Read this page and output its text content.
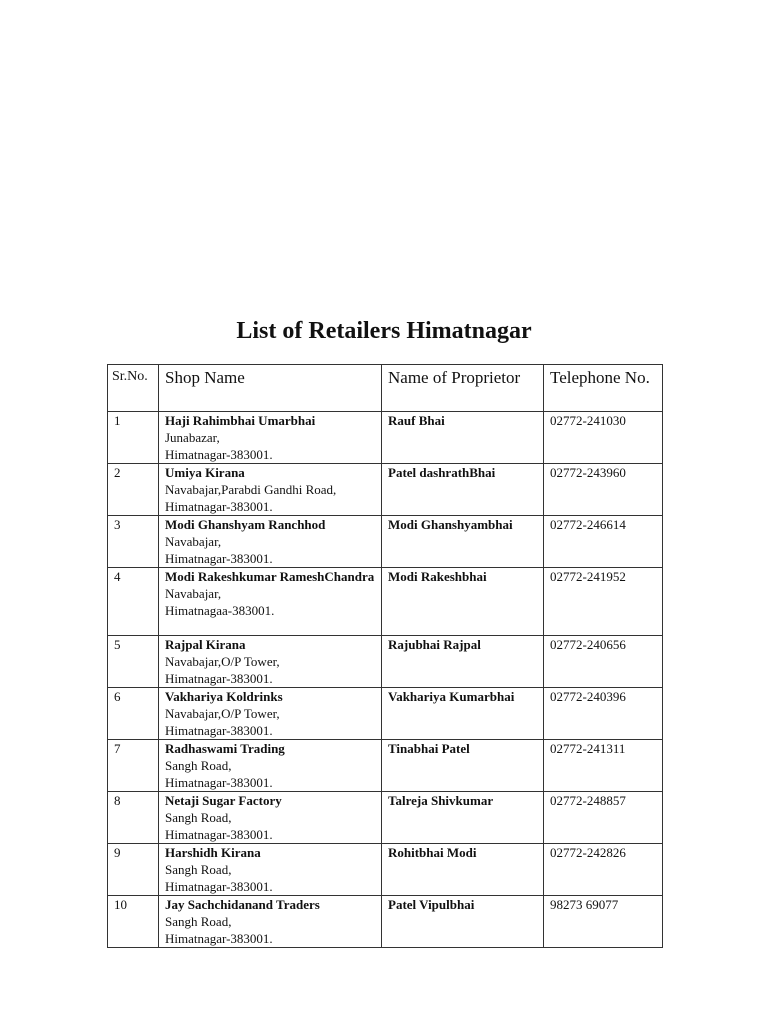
List of Retailers Himatnagar
Sr.No.	Shop Name	Name of Proprietor	Telephone No.
1	Haji Rahimbhai Umarbhai
Junabazar,
Himatnagar-383001.	Rauf Bhai	02772-241030
2	Umiya Kirana
Navabajar,Parabdi Gandhi Road,
Himatnagar-383001.	Patel dashrathBhai	02772-243960
3	Modi Ghanshyam Ranchhod
Navabajar,
Himatnagar-383001.	Modi Ghanshyambhai	02772-246614
4	Modi Rakeshkumar RameshChandra
Navabajar,
Himatnagaa-383001.	Modi Rakeshbhai	02772-241952
5	Rajpal Kirana
Navabajar,O/P Tower,
Himatnagar-383001.	Rajubhai Rajpal	02772-240656
6	Vakhariya Koldrinks
Navabajar,O/P Tower,
Himatnagar-383001.	Vakhariya Kumarbhai	02772-240396
7	Radhaswami Trading
Sangh Road,
Himatnagar-383001.	Tinabhai Patel	02772-241311
8	Netaji Sugar Factory
Sangh Road,
Himatnagar-383001.	Talreja Shivkumar	02772-248857
9	Harshidh Kirana
Sangh Road,
Himatnagar-383001.	Rohitbhai Modi	02772-242826
10	Jay Sachchidanand Traders
Sangh Road,
Himatnagar-383001.	Patel Vipulbhai	98273 69077
